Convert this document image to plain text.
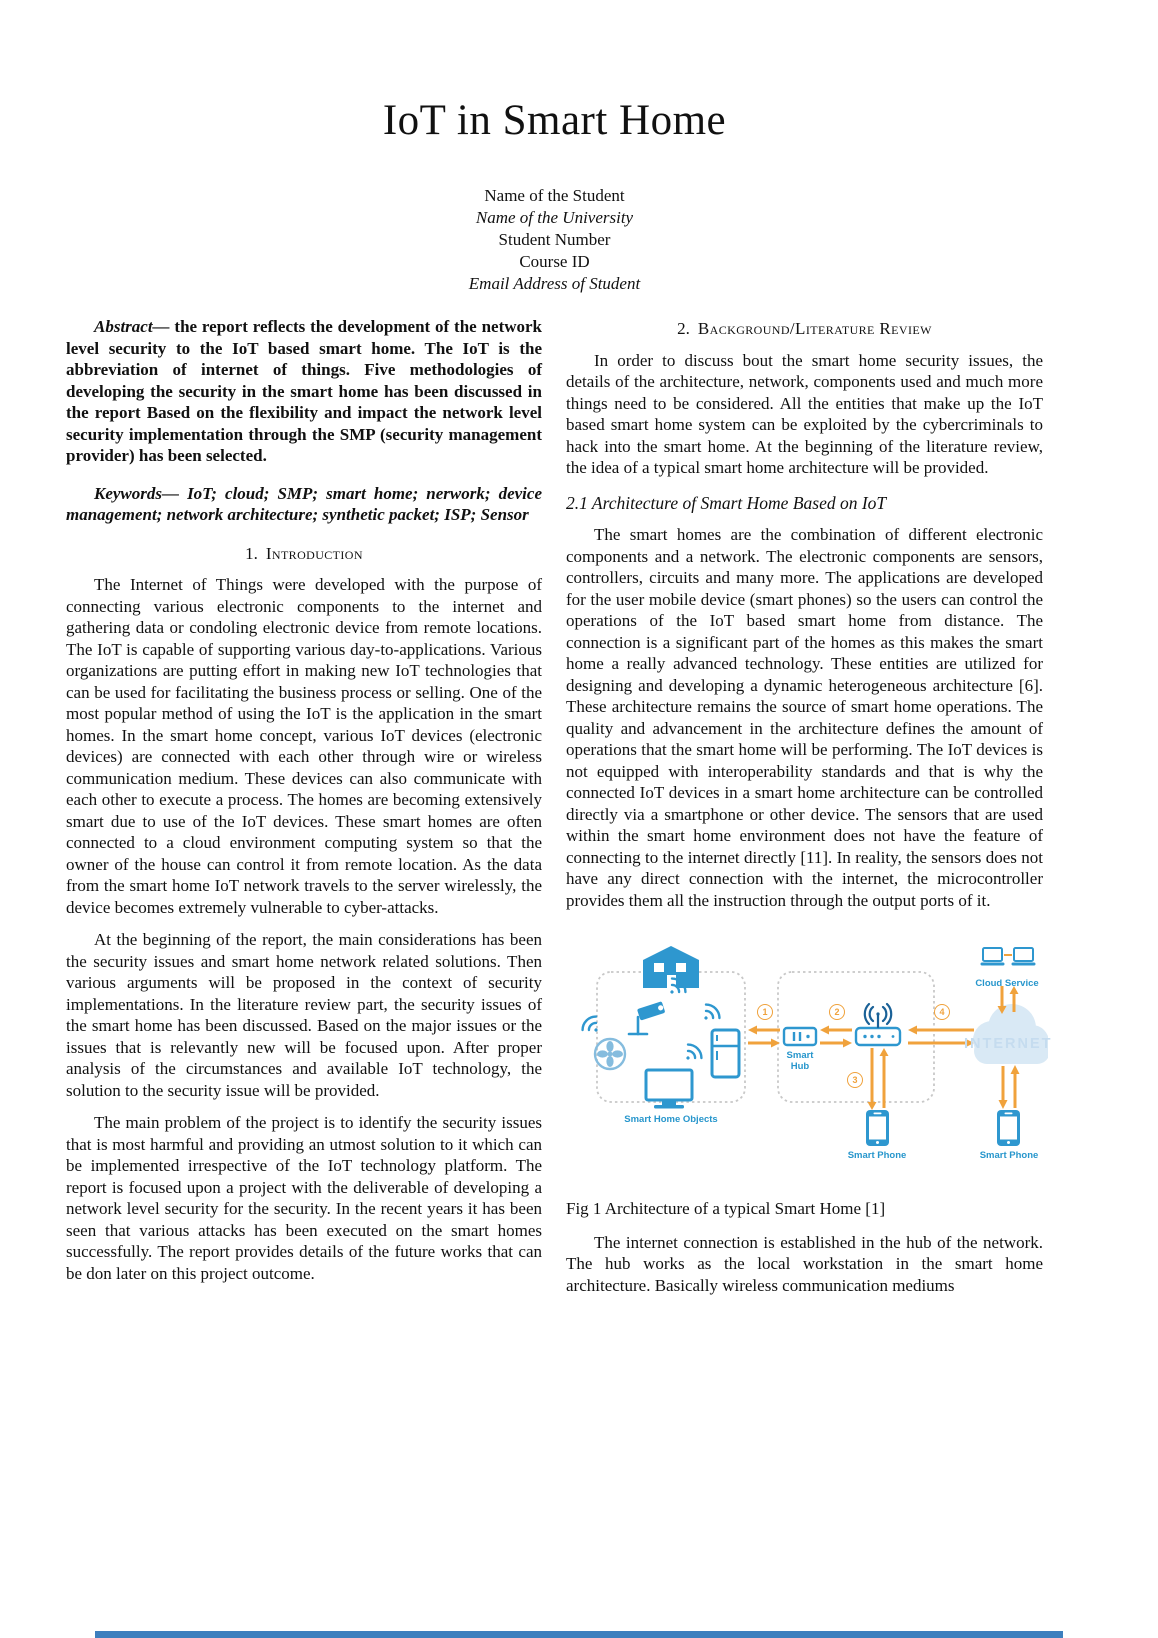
IoT in Smart Home
Name of the Student
Name of the University
Student Number
Course ID
Email Address of Student

Abstract— the report reflects the development of the network level security to the IoT based smart home. The IoT is the abbreviation of internet of things. Five methodologies of developing the security in the smart home has been discussed in the report Based on the flexibility and impact the network level security implementation through the SMP (security management provider) has been selected.

Keywords— IoT; cloud; SMP; smart home; nerwork; device management; network architecture; synthetic packet; ISP; Sensor

1. Introduction

The Internet of Things were developed with the purpose of connecting various electronic components to the internet and gathering data or condoling electronic device from remote locations. The IoT is capable of supporting various day-to-applications. Various organizations are putting effort in making new IoT technologies that can be used for facilitating the business process or selling. One of the most popular method of using the IoT is the application in the smart homes. In the smart home concept, various IoT devices (electronic devices) are connected with each other through wire or wireless communication medium. These devices can also communicate with each other to execute a process. The homes are becoming extensively smart due to use of the IoT devices. These smart homes are often connected to a cloud environment computing system so that the owner of the house can control it from remote location. As the data from the smart home IoT network travels to the server wirelessly, the device becomes extremely vulnerable to cyber-attacks.

At the beginning of the report, the main considerations has been the security issues and smart home network related solutions. Then various arguments will be proposed in the context of security implementations. In the literature review part, the security issues of the smart home has been discussed. Based on the major issues or the issues that is relevantly new will be focused upon. After proper analysis of the circumstances and available IoT technology, the solution to the security issue will be provided.

The main problem of the project is to identify the security issues that is most harmful and providing an utmost solution to it which can be implemented irrespective of the IoT technology platform. The report is focused upon a project with the deliverable of developing a network level security for the security. In the recent years it has been seen that various attacks has been executed on the smart homes successfully. The report provides details of the future works that can be don later on this project outcome.

2. Background/Literature Review

In order to discuss bout the smart home security issues, the details of the architecture, network, components used and much more things need to be considered. All the entities that make up the IoT based smart home system can be exploited by the cybercriminals to hack into the smart home. At the beginning of the literature review, the idea of a typical smart home architecture will be provided.

2.1 Architecture of Smart Home Based on IoT

The smart homes are the combination of different electronic components and a network. The electronic components are sensors, controllers, circuits and many more. The applications are developed for the user mobile device (smart phones) so the users can control the operations of the IoT based smart home from distance. The connection is a significant part of the homes as this makes the smart home a really advanced technology. These entities are utilized for designing and developing a dynamic heterogeneous architecture [6]. These architecture remains the source of smart home operations. The quality and advancement in the architecture defines the amount of operations that the smart home will be performing. The IoT devices is not equipped with interoperability standards and that is why the connected IoT devices in a smart home architecture can be controlled directly via a smartphone or other device. The sensors that are used within the smart home environment does not have the feature of connecting to the internet directly [11]. In reality, the sensors does not have any direct connection with the internet, the microcontroller provides them all the instruction through the output ports of it.

1	2
3
4
Smart Home Objects
Smart Hub
Smart Phone	Smart Phone
Cloud Service
INTERNET

Fig 1 Architecture of a typical Smart Home [1]

The internet connection is established in the hub of the network. The hub works as the local workstation in the smart home architecture. Basically wireless communication mediums
